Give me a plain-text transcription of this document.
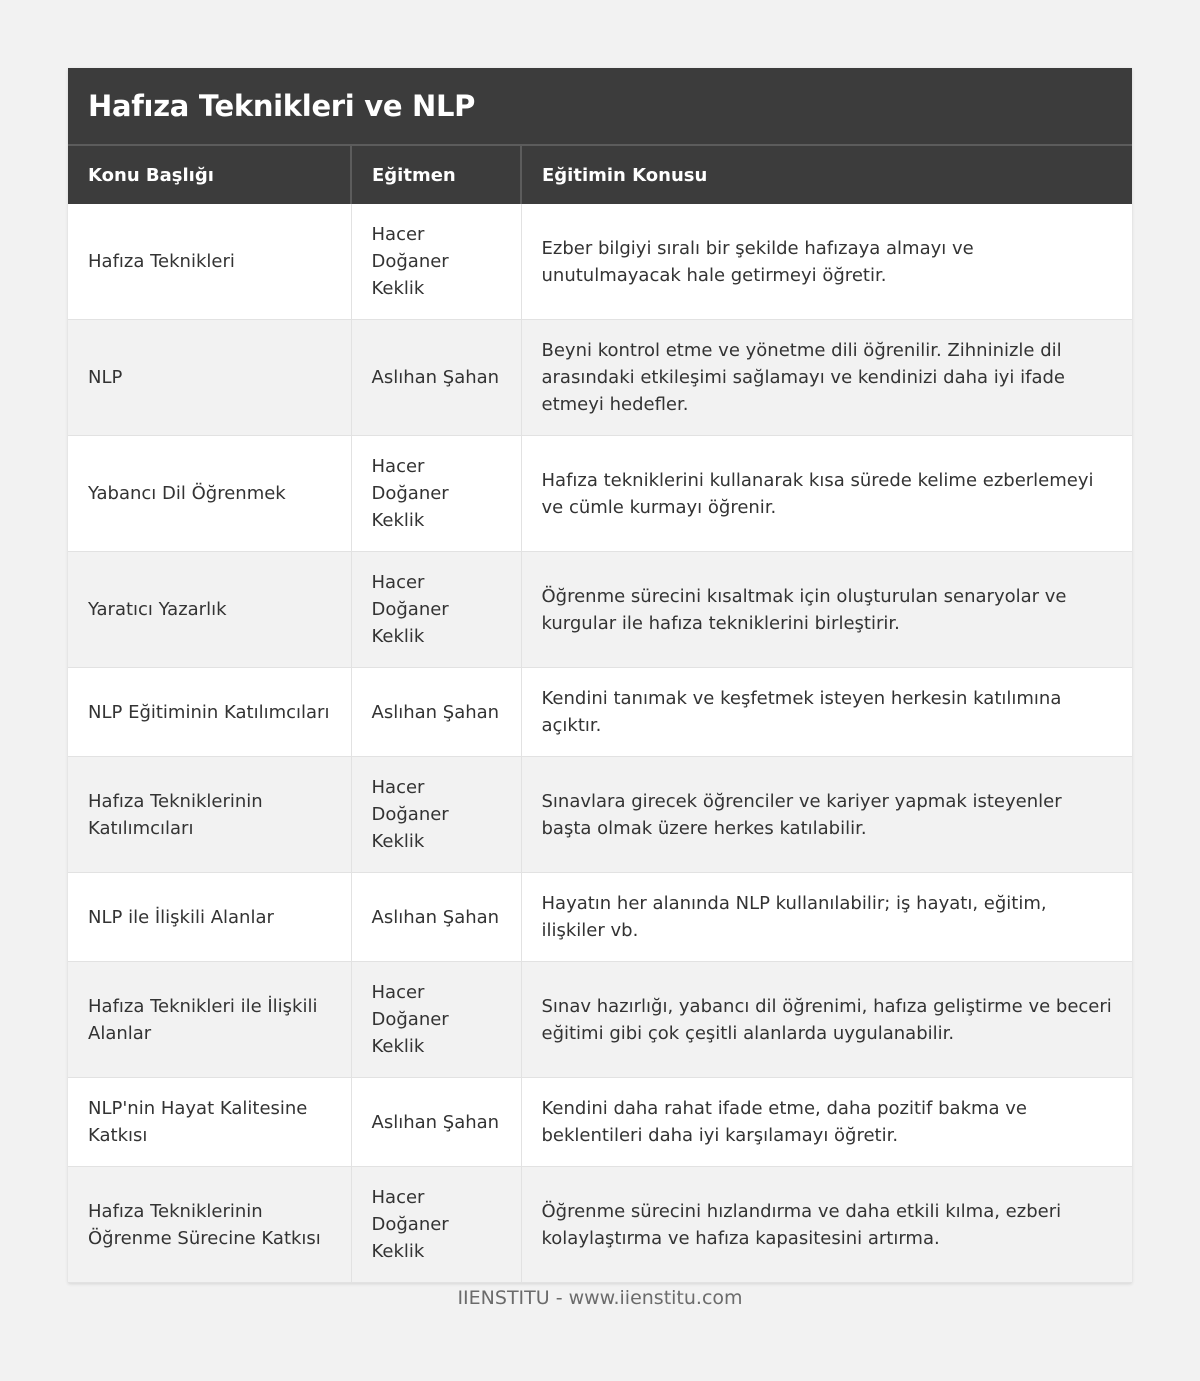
Hafıza Teknikleri ve NLP
Konu Başlığı	Eğitmen	Eğitimin Konusu
Hafıza Teknikleri	Hacer Doğaner Keklik	Ezber bilgiyi sıralı bir şekilde hafızaya almayı ve unutulmayacak hale getirmeyi öğretir.
NLP	Aslıhan Şahan	Beyni kontrol etme ve yönetme dili öğrenilir. Zihninizle dil arasındaki etkileşimi sağlamayı ve kendinizi daha iyi ifade etmeyi hedefler.
Yabancı Dil Öğrenmek	Hacer Doğaner Keklik	Hafıza tekniklerini kullanarak kısa sürede kelime ezberlemeyi ve cümle kurmayı öğrenir.
Yaratıcı Yazarlık	Hacer Doğaner Keklik	Öğrenme sürecini kısaltmak için oluşturulan senaryolar ve kurgular ile hafıza tekniklerini birleştirir.
NLP Eğitiminin Katılımcıları	Aslıhan Şahan	Kendini tanımak ve keşfetmek isteyen herkesin katılımına açıktır.
Hafıza Tekniklerinin Katılımcıları	Hacer Doğaner Keklik	Sınavlara girecek öğrenciler ve kariyer yapmak isteyenler başta olmak üzere herkes katılabilir.
NLP ile İlişkili Alanlar	Aslıhan Şahan	Hayatın her alanında NLP kullanılabilir; iş hayatı, eğitim, ilişkiler vb.
Hafıza Teknikleri ile İlişkili Alanlar	Hacer Doğaner Keklik	Sınav hazırlığı, yabancı dil öğrenimi, hafıza geliştirme ve beceri eğitimi gibi çok çeşitli alanlarda uygulanabilir.
NLP'nin Hayat Kalitesine Katkısı	Aslıhan Şahan	Kendini daha rahat ifade etme, daha pozitif bakma ve beklentileri daha iyi karşılamayı öğretir.
Hafıza Tekniklerinin Öğrenme Sürecine Katkısı	Hacer Doğaner Keklik	Öğrenme sürecini hızlandırma ve daha etkili kılma, ezberi kolaylaştırma ve hafıza kapasitesini artırma.
IIENSTITU - www.iienstitu.com
